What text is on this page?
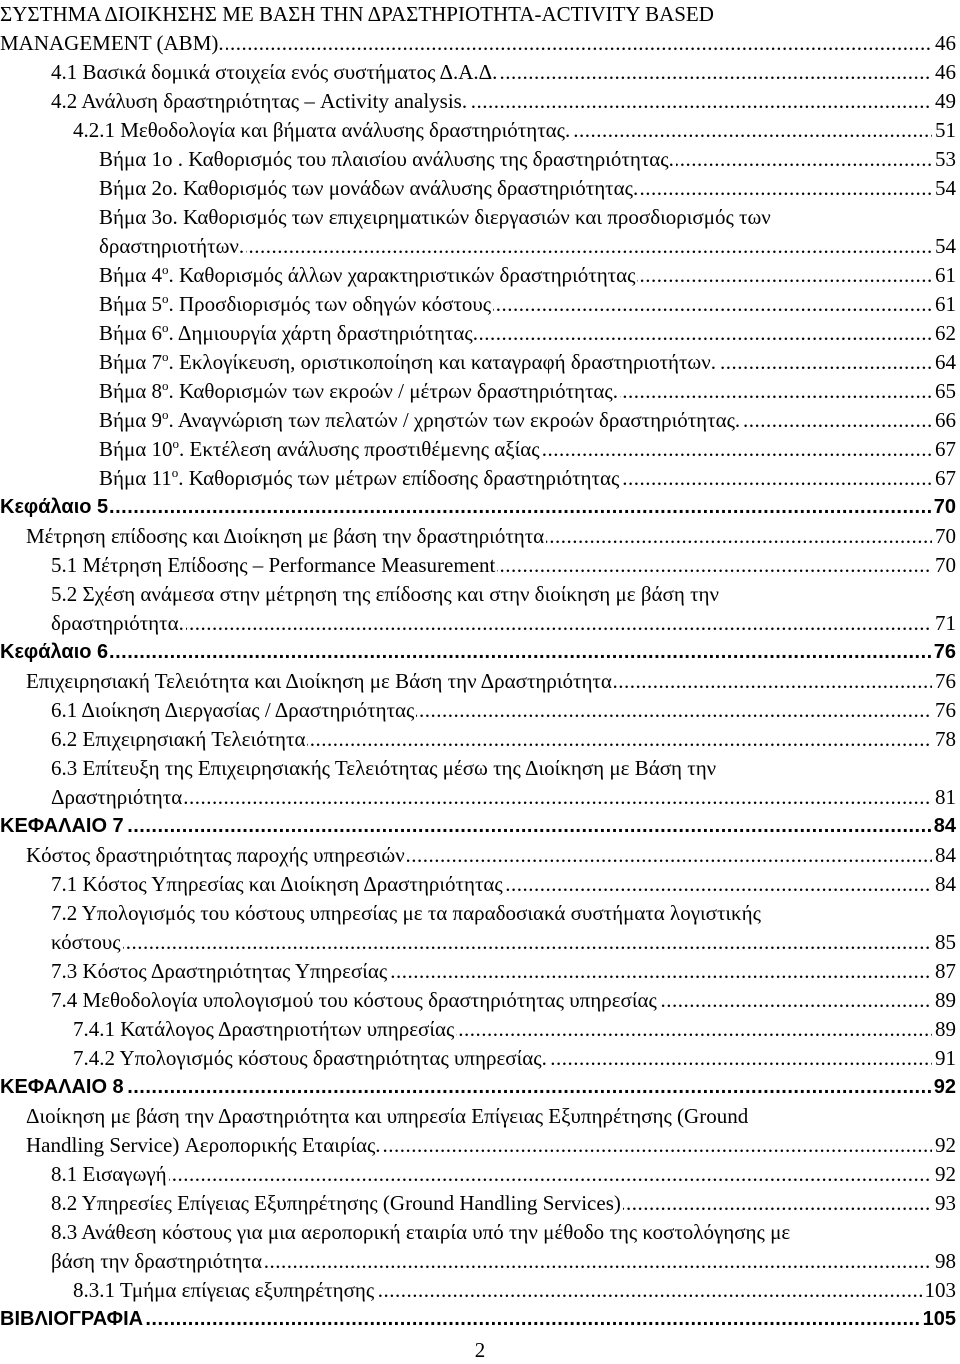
ΣΥΣΤΗΜΑ ΔΙΟΙΚΗΣΗΣ ΜΕ ΒΑΣΗ ΤΗΝ ΔΡΑΣΤΗΡΙΟΤΗΤΑ-ACTIVITY BASED
..... MANAGEMENT (ABM).	46
..... 4.1 Βασικά δομικά στοιχεία ενός συστήματος Δ.Α.Δ.	46
..... 4.2 Ανάλυση δραστηριότητας – Activity analysis.	49
..... 4.2.1 Μεθοδολογία και βήματα ανάλυσης δραστηριότητας.	51
..... Βήμα 1ο . Καθορισμός του πλαισίου ανάλυσης της δραστηριότητας.	53
..... Βήμα 2ο. Καθορισμός των μονάδων ανάλυσης δραστηριότητας.	54
Βήμα 3ο. Καθορισμός των επιχειρηματικών διεργασιών και προσδιορισμός των
..... δραστηριοτήτων.	54
..... Βήμα $4^o$. Καθορισμός άλλων χαρακτηριστικών δραστηριότητας	61
..... Βήμα $5^o$. Προσδιορισμός των οδηγών κόστους	61
..... Βήμα $6^o$. Δημιουργία χάρτη δραστηριότητας.	62
..... Βήμα $7^o$. Εκλογίκευση, οριστικοποίηση και καταγραφή δραστηριοτήτων.	64
..... Βήμα $8^o$. Καθορισμών των εκροών / μέτρων δραστηριότητας.	65
..... Βήμα $9^o$. Αναγνώριση των πελατών / χρηστών των εκροών δραστηριότητας.	66
..... Βήμα $10^o$. Εκτέλεση ανάλυσης προστιθέμενης αξίας	67
..... Βήμα $11^o$. Καθορισμός των μέτρων επίδοσης δραστηριότητας	67
..... Κεφάλαιο 5	70
..... Μέτρηση επίδοσης και Διοίκηση με βάση την δραστηριότητα	70
..... 5.1 Μέτρηση Επίδοσης – Performance Measurement	70
5.2 Σχέση ανάμεσα στην μέτρηση της επίδοσης και στην διοίκηση με βάση την
..... δραστηριότητα.	71
..... Κεφάλαιο 6	76
..... Επιχειρησιακή Τελειότητα και Διοίκηση με Βάση την Δραστηριότητα	76
..... 6.1 Διοίκηση Διεργασίας / Δραστηριότητας	76
..... 6.2 Επιχειρησιακή Τελειότητα	78
6.3 Επίτευξη της Επιχειρησιακής Τελειότητας μέσω της Διοίκηση με Βάση την
..... Δραστηριότητα	81
..... ΚΕΦΑΛΑΙΟ 7	84
..... Κόστος δραστηριότητας παροχής υπηρεσιών	84
..... 7.1 Κόστος Υπηρεσίας και Διοίκηση Δραστηριότητας	84
7.2 Υπολογισμός του κόστους υπηρεσίας με τα παραδοσιακά συστήματα λογιστικής
..... κόστους	85
..... 7.3 Κόστος Δραστηριότητας Υπηρεσίας	87
..... 7.4 Μεθοδολογία υπολογισμού του κόστους δραστηριότητας υπηρεσίας	89
..... 7.4.1 Κατάλογος Δραστηριοτήτων υπηρεσίας	89
..... 7.4.2 Υπολογισμός κόστους δραστηριότητας υπηρεσίας.	91
..... ΚΕΦΑΛΑΙΟ 8	92
Διοίκηση με βάση την Δραστηριότητα και υπηρεσία Επίγειας Εξυπηρέτησης (Ground
..... Handling Service) Αεροπορικής Εταιρίας.	92
..... 8.1 Εισαγωγή	92
..... 8.2 Υπηρεσίες Επίγειας Εξυπηρέτησης (Ground Handling Services)	93
8.3 Ανάθεση κόστους για μια αεροπορική εταιρία υπό την μέθοδο της κοστολόγησης με
..... βάση την δραστηριότητα	98
..... 8.3.1 Τμήμα επίγειας εξυπηρέτησης	103
..... ΒΙΒΛΙΟΓΡΑΦΙΑ	105
2
